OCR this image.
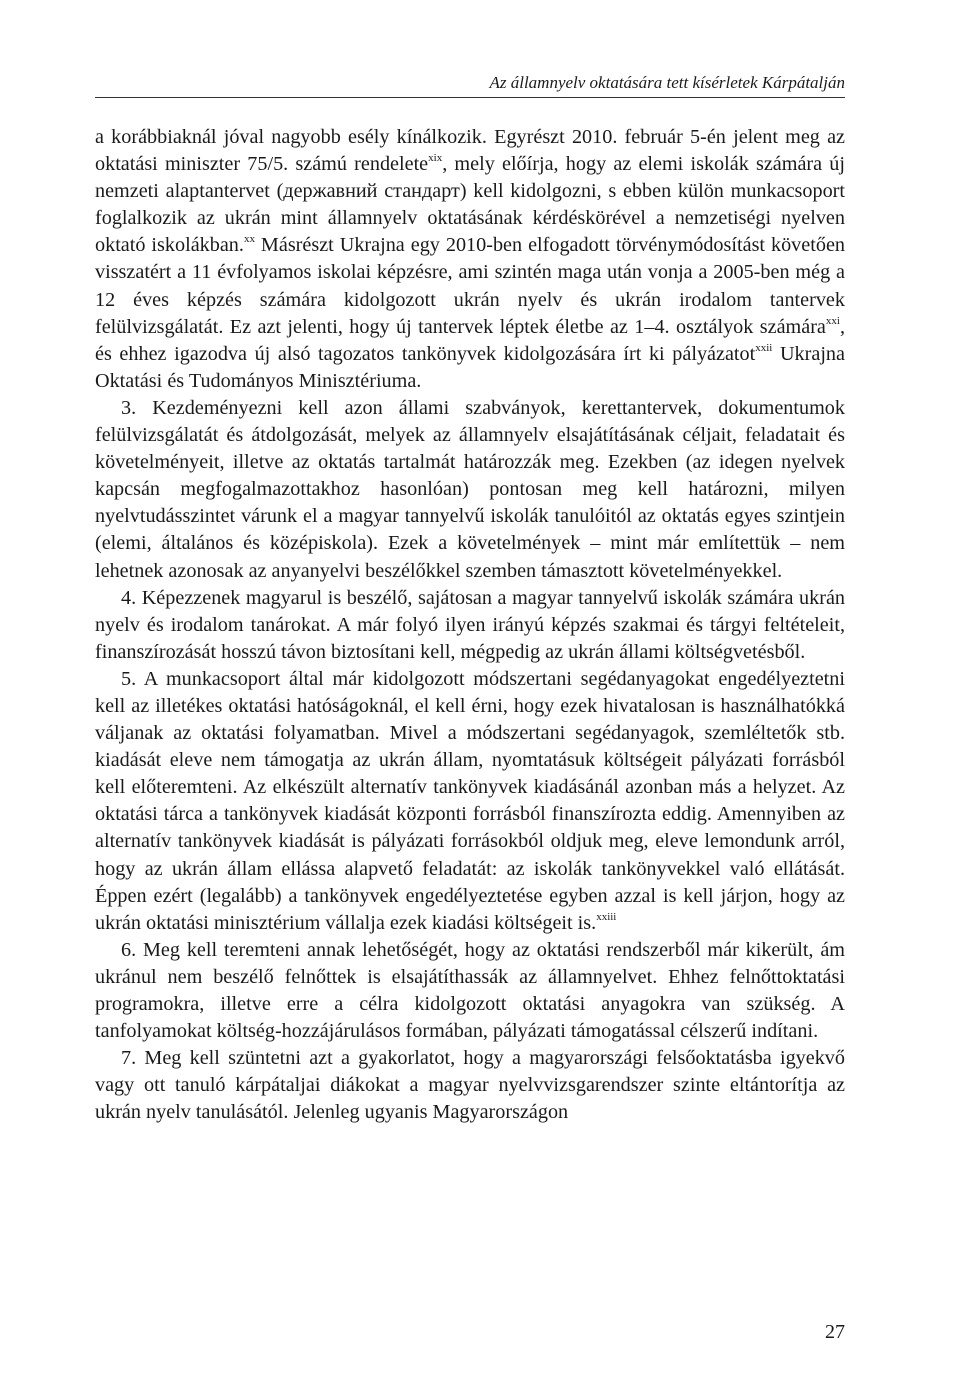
Az államnyelv oktatására tett kísérletek Kárpátalján

a korábbiaknál jóval nagyobb esély kínálkozik. Egyrészt 2010. február 5-én jelent meg az oktatási miniszter 75/5. számú rendelete$^{xix}$, mely előírja, hogy az elemi iskolák számára új nemzeti alaptantervet (державний стандарт) kell kidolgozni, s ebben külön munkacsoport foglalkozik az ukrán mint államnyelv oktatásának kérdéskörével a nemzetiségi nyelven oktató iskolákban.$^{xx}$ Másrészt Ukrajna egy 2010-ben elfogadott törvénymódosítást követően visszatért a 11 évfolyamos iskolai képzésre, ami szintén maga után vonja a 2005-ben még a 12 éves képzés számára kidolgozott ukrán nyelv és ukrán irodalom tantervek felülvizsgálatát. Ez azt jelenti, hogy új tantervek léptek életbe az 1–4. osztályok számára$^{xxi}$, és ehhez igazodva új alsó tagozatos tankönyvek kidolgozására írt ki pályázatot$^{xxii}$ Ukrajna Oktatási és Tudományos Minisztériuma.

3. Kezdeményezni kell azon állami szabványok, kerettantervek, dokumentumok felülvizsgálatát és átdolgozását, melyek az államnyelv elsajátításának céljait, feladatait és követelményeit, illetve az oktatás tartalmát határozzák meg. Ezekben (az idegen nyelvek kapcsán megfogalmazottakhoz hasonlóan) pontosan meg kell határozni, milyen nyelvtudásszintet várunk el a magyar tannyelvű iskolák tanulóitól az oktatás egyes szintjein (elemi, általános és középiskola). Ezek a követelmények – mint már említettük – nem lehetnek azonosak az anyanyelvi beszélőkkel szemben támasztott követelményekkel.

4. Képezzenek magyarul is beszélő, sajátosan a magyar tannyelvű iskolák számára ukrán nyelv és irodalom tanárokat. A már folyó ilyen irányú képzés szakmai és tárgyi feltételeit, finanszírozását hosszú távon biztosítani kell, mégpedig az ukrán állami költségvetésből.

5. A munkacsoport által már kidolgozott módszertani segédanyagokat engedélyeztetni kell az illetékes oktatási hatóságoknál, el kell érni, hogy ezek hivatalosan is használhatókká váljanak az oktatási folyamatban. Mivel a módszertani segédanyagok, szemléltetők stb. kiadását eleve nem támogatja az ukrán állam, nyomtatásuk költségeit pályázati forrásból kell előteremteni. Az elkészült alternatív tankönyvek kiadásánál azonban más a helyzet. Az oktatási tárca a tankönyvek kiadását központi forrásból finanszírozta eddig. Amennyiben az alternatív tankönyvek kiadását is pályázati forrásokból oldjuk meg, eleve lemondunk arról, hogy az ukrán állam ellássa alapvető feladatát: az iskolák tankönyvekkel való ellátását. Éppen ezért (legalább) a tankönyvek engedélyeztetése egyben azzal is kell járjon, hogy az ukrán oktatási minisztérium vállalja ezek kiadási költségeit is.$^{xxiii}$

6. Meg kell teremteni annak lehetőségét, hogy az oktatási rendszerből már kikerült, ám ukránul nem beszélő felnőttek is elsajátíthassák az államnyelvet. Ehhez felnőttoktatási programokra, illetve erre a célra kidolgozott oktatási anyagokra van szükség. A tanfolyamokat költség-hozzájárulásos formában, pályázati támogatással célszerű indítani.

7. Meg kell szüntetni azt a gyakorlatot, hogy a magyarországi felsőoktatásba igyekvő vagy ott tanuló kárpátaljai diákokat a magyar nyelvvizsgarendszer szinte eltántorítja az ukrán nyelv tanulásától. Jelenleg ugyanis Magyarországon

27
